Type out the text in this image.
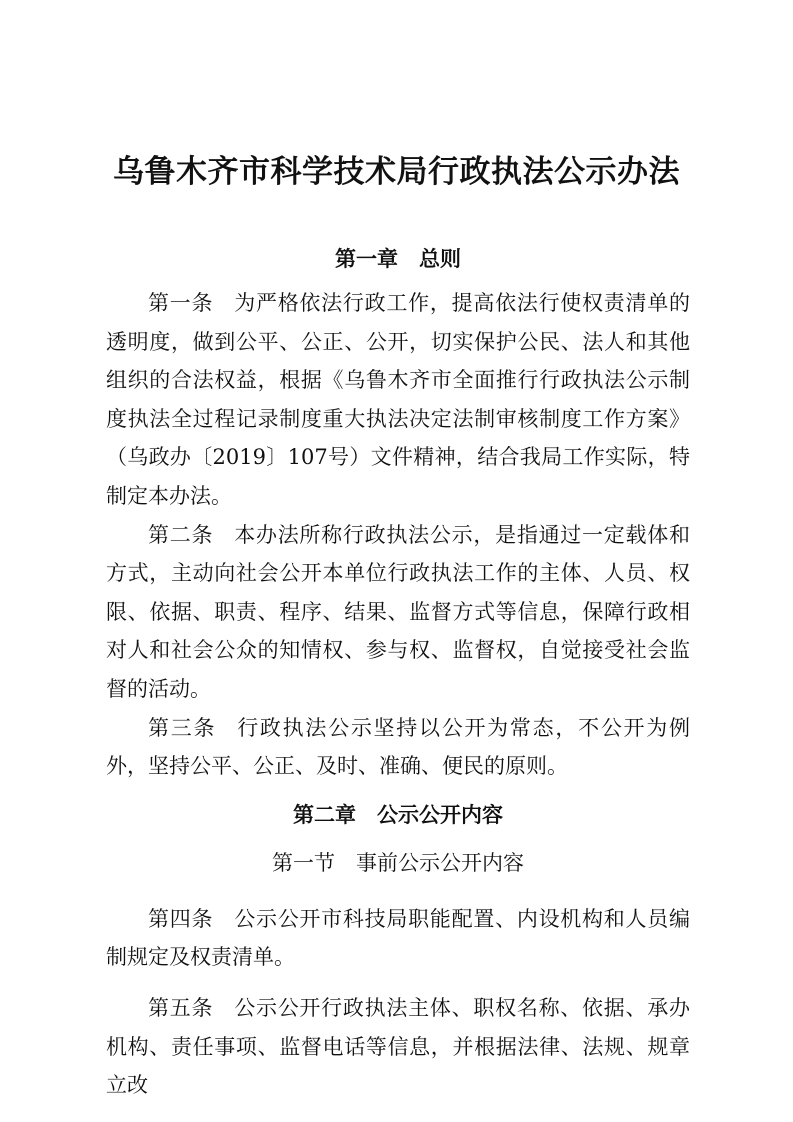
乌鲁木齐市科学技术局行政执法公示办法
第一章　总则

第一条 为严格依法行政工作，提高依法行使权责清单的透明度，做到公平、公正、公开，切实保护公民、法人和其他组织的合法权益，根据《乌鲁木齐市全面推行行政执法公示制度执法全过程记录制度重大执法决定法制审核制度工作方案》（乌政办〔2019〕107号）文件精神，结合我局工作实际，特制定本办法。

第二条 本办法所称行政执法公示，是指通过一定载体和方式，主动向社会公开本单位行政执法工作的主体、人员、权限、依据、职责、程序、结果、监督方式等信息，保障行政相对人和社会公众的知情权、参与权、监督权，自觉接受社会监督的活动。

第三条 行政执法公示坚持以公开为常态，不公开为例外，坚持公平、公正、及时、准确、便民的原则。

第二章　公示公开内容
第一节　事前公示公开内容

第四条 公示公开市科技局职能配置、内设机构和人员编制规定及权责清单。

第五条 公示公开行政执法主体、职权名称、依据、承办机构、责任事项、监督电话等信息，并根据法律、法规、规章立改
